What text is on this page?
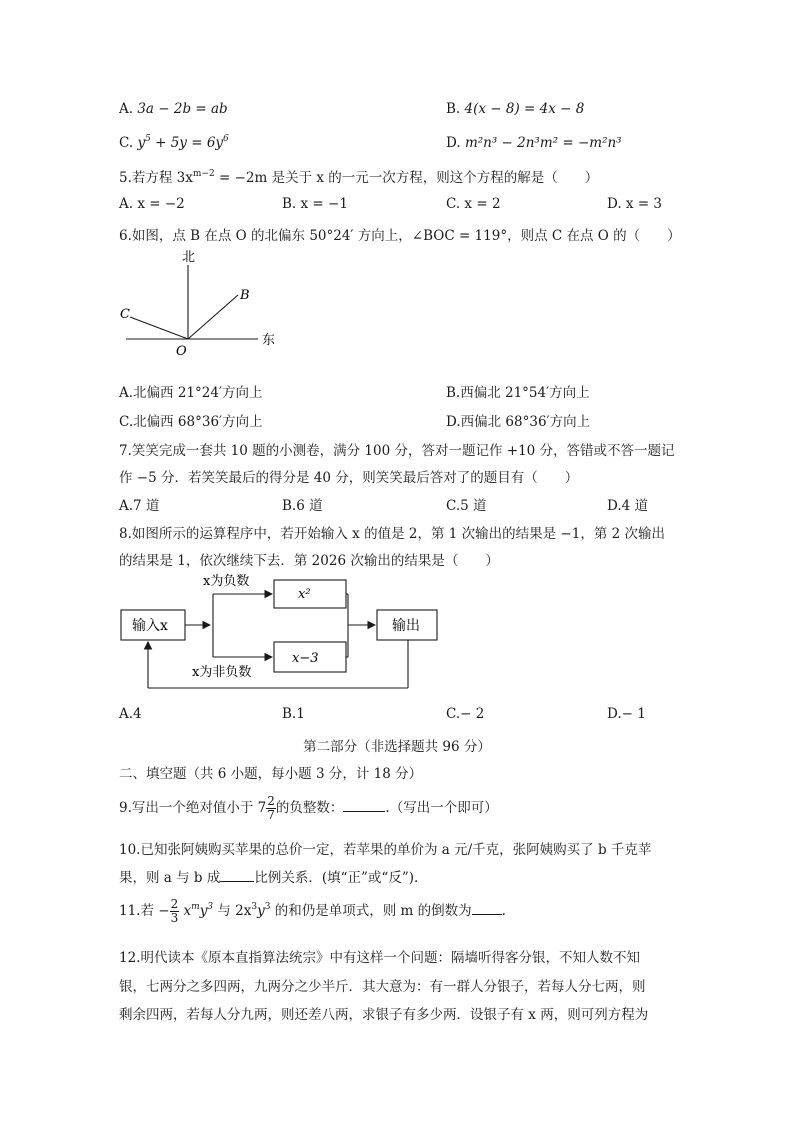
A. 3a − 2b = ab	B. 4(x − 8) = 4x − 8
C. $y^5 + 5y = 6y^6$	D. m²n³ − 2n³m² = −m²n³
5.若方程 $3x^{m-2} = -2m$ 是关于 x 的一元一次方程，则这个方程的解是（　　）
A. x = −2	B. x = −1	C. x = 2	D. x = 3
6.如图，点 B 在点 O 的北偏东 50°24′ 方向上，∠BOC = 119°，则点 C 在点 O 的（　　）
北
东
B
C
O
A.北偏西 21°24′方向上	B.西偏北 21°54′方向上
C.北偏西 68°36′方向上	D.西偏北 68°36′方向上
7.笑笑完成一套共 10 题的小测卷，满分 100 分，答对一题记作 +10 分，答错或不答一题记
作 −5 分．若笑笑最后的得分是 40 分，则笑笑最后答对了的题目有（　　）
A.7 道	B.6 道	C.5 道	D.4 道
8.如图所示的运算程序中，若开始输入 x 的值是 2，第 1 次输出的结果是 −1，第 2 次输出
的结果是 1，依次继续下去．第 2026 次输出的结果是（　　）
输入x
x²
x−3
输出
x为负数
x为非负数
A.4	B.1	C.− 2	D.− 1
第二部分（非选择题共 96 分）
二、填空题（共 6 小题，每小题 3 分，计 18 分）
9.写出一个绝对值小于 $7 \frac{2}{7}$ 的负整数：	.（写出一个即可）
10.已知张阿姨购买苹果的总价一定，若苹果的单价为 a 元/千克，张阿姨购买了 b 千克苹
果，则 a 与 b 成	比例关系．(填“正”或“反”).
11.若 − $\frac{2}{3} x^my^3$ 与 $2x^3y^3$ 的和仍是单项式，则 m 的倒数为 .
12.明代读本《原本直指算法统宗》中有这样一个问题：隔墙听得客分银，不知人数不知
银，七两分之多四两，九两分之少半斤．其大意为：有一群人分银子，若每人分七两，则
剩余四两，若每人分九两，则还差八两，求银子有多少两．设银子有 x 两，则可列方程为
